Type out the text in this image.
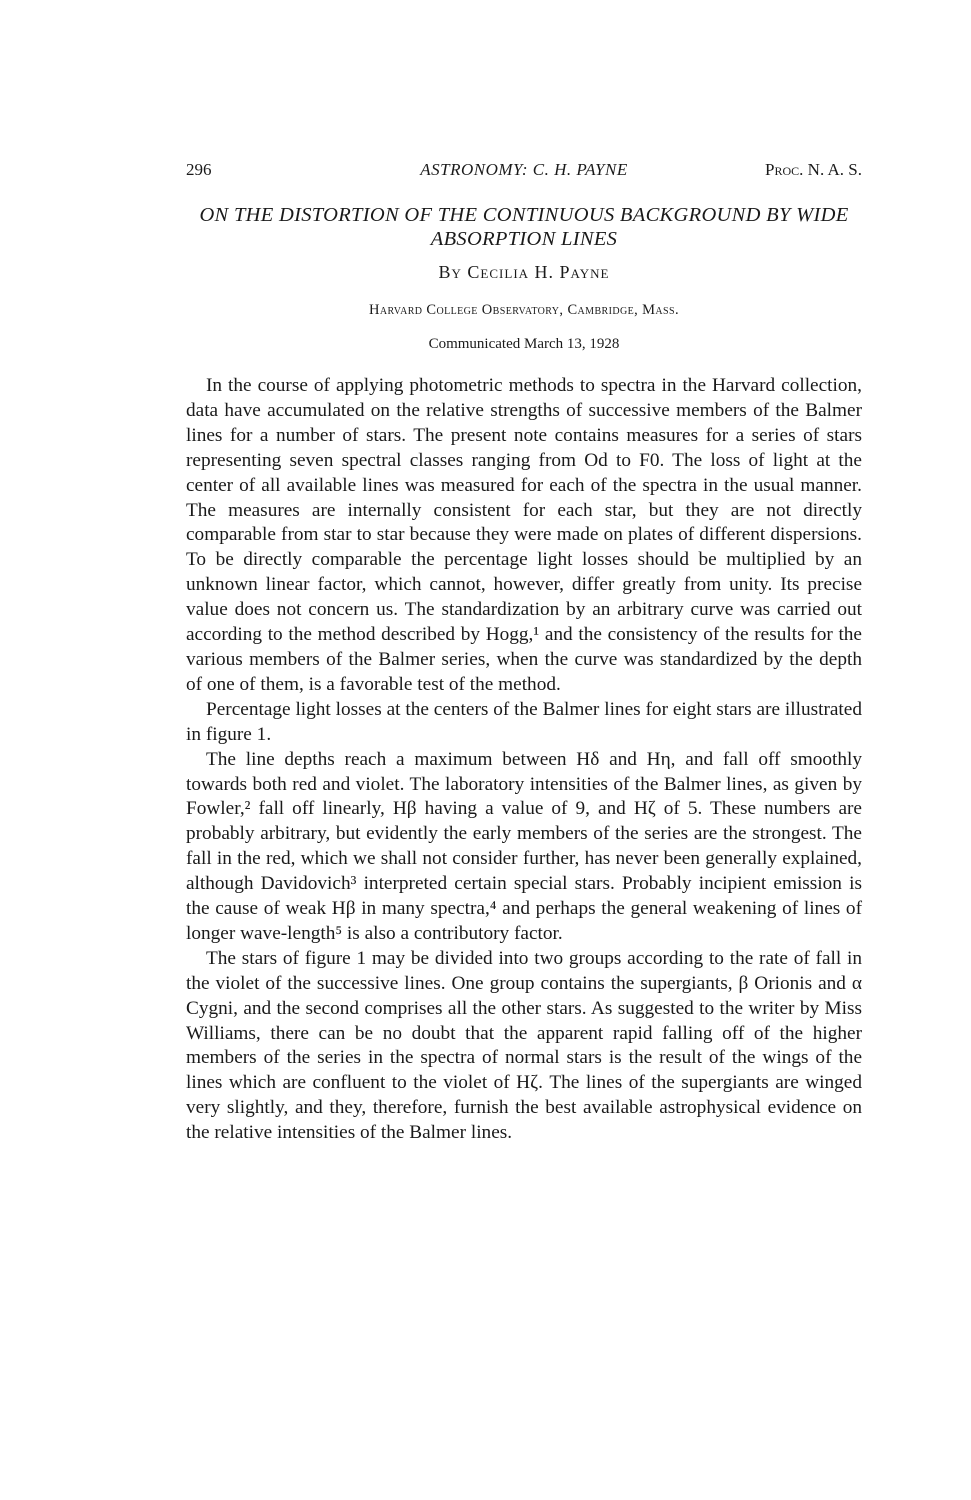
296	ASTRONOMY: C. H. PAYNE	Proc. N. A. S.
ON THE DISTORTION OF THE CONTINUOUS BACKGROUND BY WIDE ABSORPTION LINES
By Cecilia H. Payne
Harvard College Observatory, Cambridge, Mass.
Communicated March 13, 1928

In the course of applying photometric methods to spectra in the Harvard collection, data have accumulated on the relative strengths of successive members of the Balmer lines for a number of stars. The present note contains measures for a series of stars representing seven spectral classes ranging from Od to F0. The loss of light at the center of all available lines was measured for each of the spectra in the usual manner. The measures are internally consistent for each star, but they are not directly comparable from star to star because they were made on plates of different dispersions. To be directly comparable the percentage light losses should be multiplied by an unknown linear factor, which cannot, however, differ greatly from unity. Its precise value does not concern us. The standardization by an arbitrary curve was carried out according to the method described by Hogg,¹ and the consistency of the results for the various members of the Balmer series, when the curve was standardized by the depth of one of them, is a favorable test of the method.

Percentage light losses at the centers of the Balmer lines for eight stars are illustrated in figure 1.

The line depths reach a maximum between Hδ and Hη, and fall off smoothly towards both red and violet. The laboratory intensities of the Balmer lines, as given by Fowler,² fall off linearly, Hβ having a value of 9, and Hζ of 5. These numbers are probably arbitrary, but evidently the early members of the series are the strongest. The fall in the red, which we shall not consider further, has never been generally explained, although Davidovich³ interpreted certain special stars. Probably incipient emission is the cause of weak Hβ in many spectra,⁴ and perhaps the general weakening of lines of longer wave-length⁵ is also a contributory factor.

The stars of figure 1 may be divided into two groups according to the rate of fall in the violet of the successive lines. One group contains the supergiants, β Orionis and α Cygni, and the second comprises all the other stars. As suggested to the writer by Miss Williams, there can be no doubt that the apparent rapid falling off of the higher members of the series in the spectra of normal stars is the result of the wings of the lines which are confluent to the violet of Hζ. The lines of the supergiants are winged very slightly, and they, therefore, furnish the best available astrophysical evidence on the relative intensities of the Balmer lines.
